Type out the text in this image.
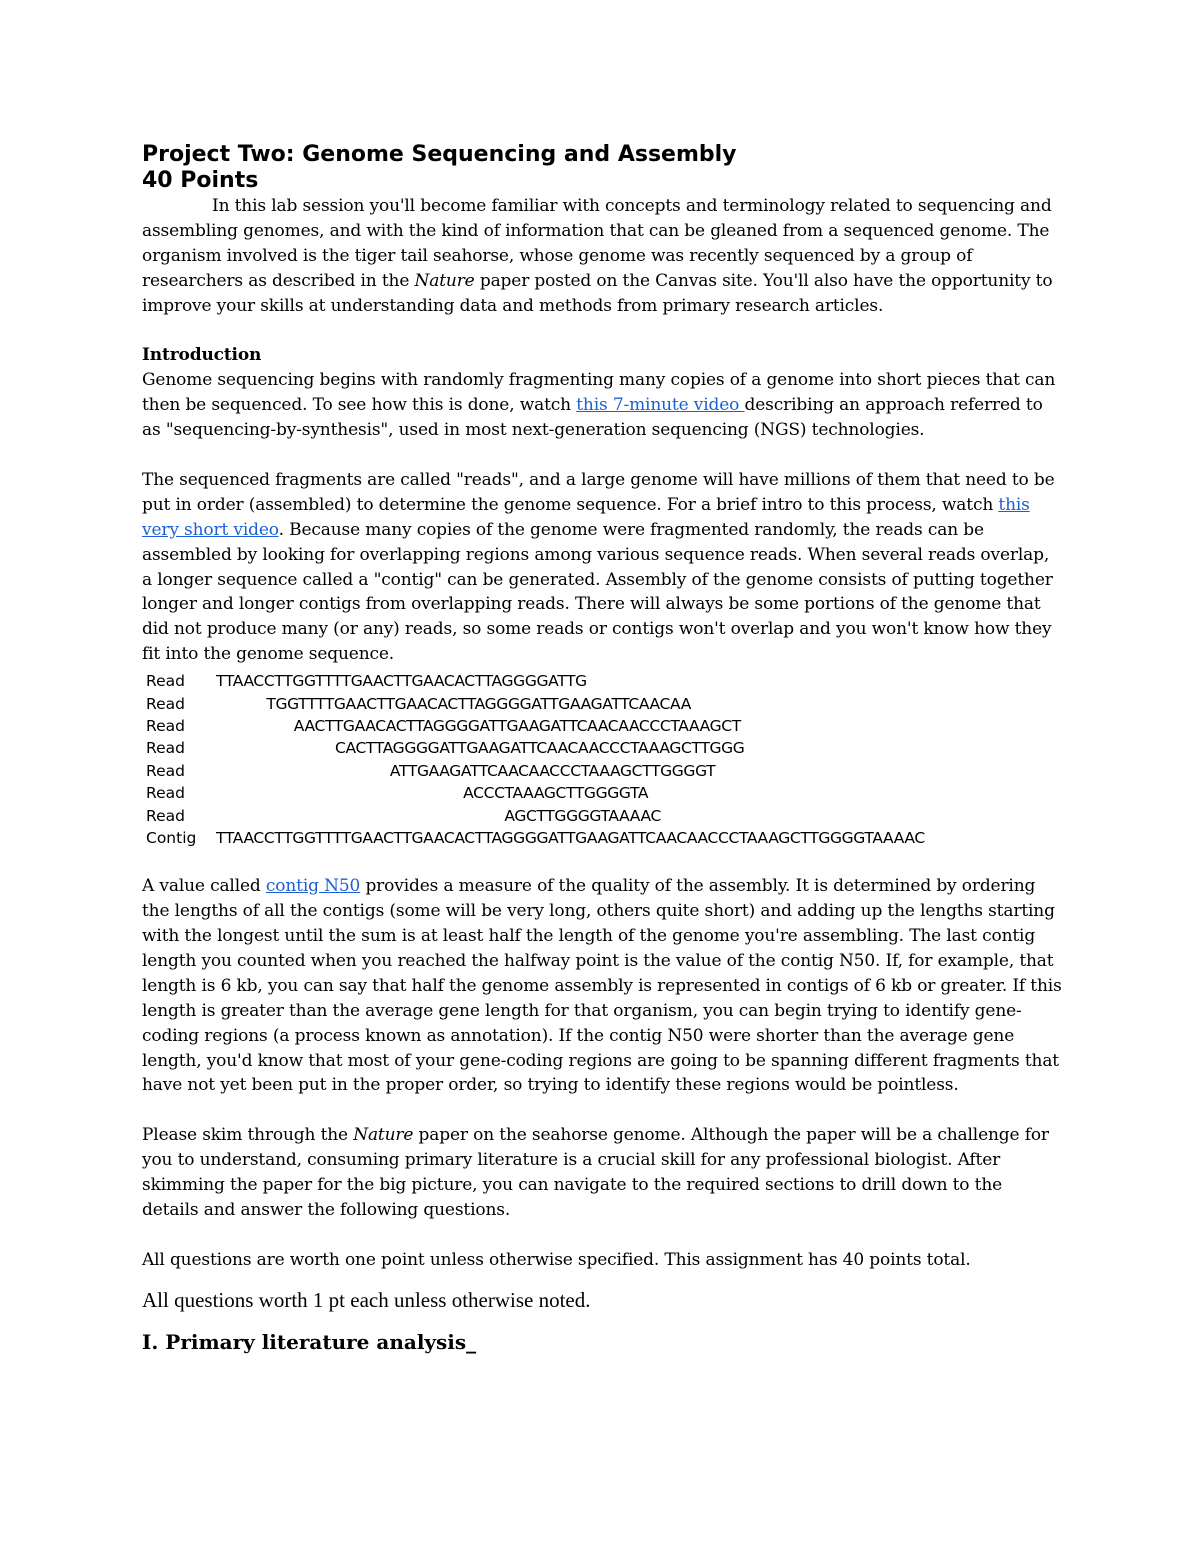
Project Two: Genome Sequencing and Assembly
40 Points

In this lab session you'll become familiar with concepts and terminology related to sequencing and assembling genomes, and with the kind of information that can be gleaned from a sequenced genome. The organism involved is the tiger tail seahorse, whose genome was recently sequenced by a group of researchers as described in the Nature paper posted on the Canvas site. You'll also have the opportunity to improve your skills at understanding data and methods from primary research articles.

Introduction

Genome sequencing begins with randomly fragmenting many copies of a genome into short pieces that can then be sequenced. To see how this is done, watch this 7-minute video describing an approach referred to as "sequencing-by-synthesis", used in most next-generation sequencing (NGS) technologies.

The sequenced fragments are called "reads", and a large genome will have millions of them that need to be put in order (assembled) to determine the genome sequence. For a brief intro to this process, watch this very short video. Because many copies of the genome were fragmented randomly, the reads can be assembled by looking for overlapping regions among various sequence reads. When several reads overlap, a longer sequence called a "contig" can be generated. Assembly of the genome consists of putting together longer and longer contigs from overlapping reads. There will always be some portions of the genome that did not produce many (or any) reads, so some reads or contigs won't overlap and you won't know how they fit into the genome sequence.

Read TTAACCTTGGTTTTGAACTTGAACACTTAGGGGATTG
Read           TGGTTTTGAACTTGAACACTTAGGGGATTGAAGATTCAACAA
Read                 AACTTGAACACTTAGGGGATTGAAGATTCAACAACCCTAAAGCT
Read                          CACTTAGGGGATTGAAGATTCAACAACCCTAAAGCTTGGG
Read                                      ATTGAAGATTCAACAACCCTAAAGCTTGGGGT
Read                                                      ACCCTAAAGCTTGGGGTA
Read                                                               AGCTTGGGGTAAAAC
Contig TTAACCTTGGTTTTGAACTTGAACACTTAGGGGATTGAAGATTCAACAACCCTAAAGCTTGGGGTAAAAC

A value called contig N50 provides a measure of the quality of the assembly. It is determined by ordering the lengths of all the contigs (some will be very long, others quite short) and adding up the lengths starting with the longest until the sum is at least half the length of the genome you're assembling. The last contig length you counted when you reached the halfway point is the value of the contig N50. If, for example, that length is 6 kb, you can say that half the genome assembly is represented in contigs of 6 kb or greater. If this length is greater than the average gene length for that organism, you can begin trying to identify gene-coding regions (a process known as annotation). If the contig N50 were shorter than the average gene length, you'd know that most of your gene-coding regions are going to be spanning different fragments that have not yet been put in the proper order, so trying to identify these regions would be pointless.

Please skim through the Nature paper on the seahorse genome. Although the paper will be a challenge for you to understand, consuming primary literature is a crucial skill for any professional biologist. After skimming the paper for the big picture, you can navigate to the required sections to drill down to the details and answer the following questions.

All questions are worth one point unless otherwise specified. This assignment has 40 points total.

All questions worth 1 pt each unless otherwise noted.

I. Primary literature analysis_
